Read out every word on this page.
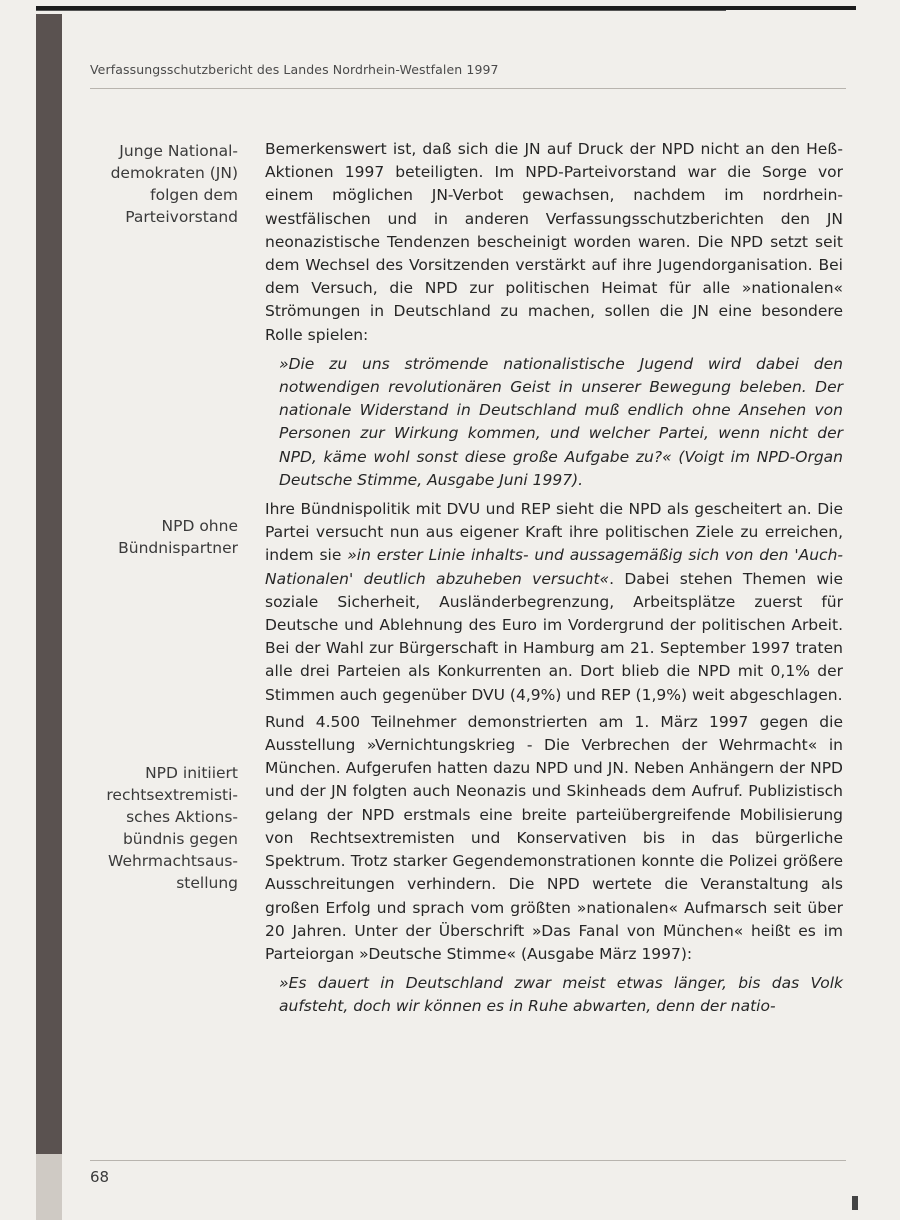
Verfassungsschutzbericht des Landes Nordrhein-Westfalen 1997
Junge Nationaldemokraten (JN) folgen dem Parteivorstand
NPD ohne Bündnispartner
NPD initiiert rechtsextremistisches Aktionsbündnis gegen Wehrmachtsausstellung

Bemerkenswert ist, daß sich die JN auf Druck der NPD nicht an den Heß-Aktionen 1997 beteiligten. Im NPD-Parteivorstand war die Sorge vor einem möglichen JN-Verbot gewachsen, nachdem im nordrhein-westfälischen und in anderen Verfassungsschutzberichten den JN neonazistische Tendenzen bescheinigt worden waren. Die NPD setzt seit dem Wechsel des Vorsitzenden verstärkt auf ihre Jugendorganisation. Bei dem Versuch, die NPD zur politischen Heimat für alle »nationalen« Strömungen in Deutschland zu machen, sollen die JN eine besondere Rolle spielen:

»Die zu uns strömende nationalistische Jugend wird dabei den notwendigen revolutionären Geist in unserer Bewegung beleben. Der nationale Widerstand in Deutschland muß endlich ohne Ansehen von Personen zur Wirkung kommen, und welcher Partei, wenn nicht der NPD, käme wohl sonst diese große Aufgabe zu?« (Voigt im NPD-Organ Deutsche Stimme, Ausgabe Juni 1997).

Ihre Bündnispolitik mit DVU und REP sieht die NPD als gescheitert an. Die Partei versucht nun aus eigener Kraft ihre politischen Ziele zu erreichen, indem sie »in erster Linie inhalts- und aussagemäßig sich von den 'Auch-Nationalen' deutlich abzuheben versucht«. Dabei stehen Themen wie soziale Sicherheit, Ausländerbegrenzung, Arbeitsplätze zuerst für Deutsche und Ablehnung des Euro im Vordergrund der politischen Arbeit. Bei der Wahl zur Bürgerschaft in Hamburg am 21. September 1997 traten alle drei Parteien als Konkurrenten an. Dort blieb die NPD mit 0,1% der Stimmen auch gegenüber DVU (4,9%) und REP (1,9%) weit abgeschlagen.

Rund 4.500 Teilnehmer demonstrierten am 1. März 1997 gegen die Ausstellung »Vernichtungskrieg - Die Verbrechen der Wehrmacht« in München. Aufgerufen hatten dazu NPD und JN. Neben Anhängern der NPD und der JN folgten auch Neonazis und Skinheads dem Aufruf. Publizistisch gelang der NPD erstmals eine breite parteiübergreifende Mobilisierung von Rechtsextremisten und Konservativen bis in das bürgerliche Spektrum. Trotz starker Gegendemonstrationen konnte die Polizei größere Ausschreitungen verhindern. Die NPD wertete die Veranstaltung als großen Erfolg und sprach vom größten »nationalen« Aufmarsch seit über 20 Jahren. Unter der Überschrift »Das Fanal von München« heißt es im Parteiorgan »Deutsche Stimme« (Ausgabe März 1997):

»Es dauert in Deutschland zwar meist etwas länger, bis das Volk aufsteht, doch wir können es in Ruhe abwarten, denn der natio-

68
